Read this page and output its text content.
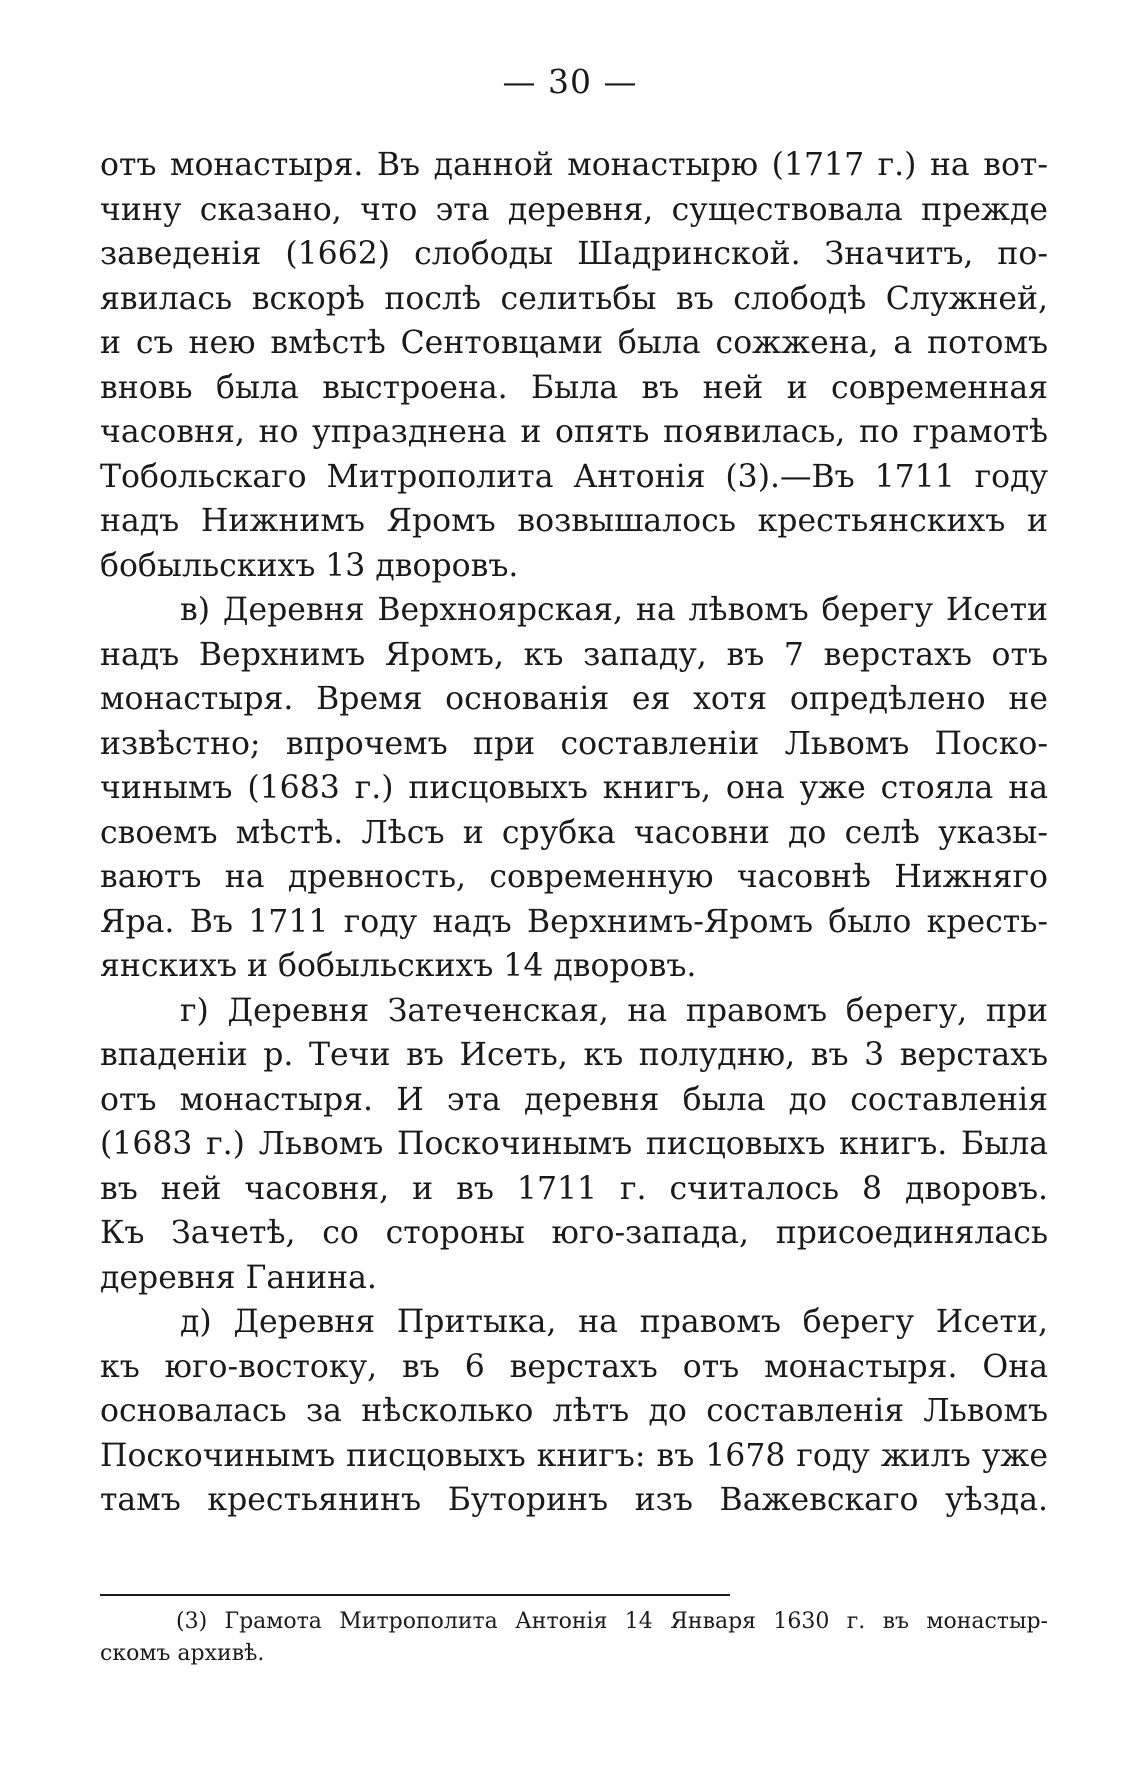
— 30 —
отъ монастыря. Въ данной монастырю (1717 г.) на вот-
чину сказано, что эта деревня, существовала прежде
заведенія (1662) слободы Шадринской. Значитъ, по-
явилась вскорѣ послѣ селитьбы въ слободѣ Служней,
и съ нею вмѣстѣ Сентовцами была сожжена, а потомъ
вновь была выстроена. Была въ ней и современная
часовня, но упразднена и опять появилась, по грамотѣ
Тобольскаго Митрополита Антонія (3).—Въ 1711 году
надъ Нижнимъ Яромъ возвышалось крестьянскихъ и
бобыльскихъ 13 дворовъ.
в) Деревня Верхноярская, на лѣвомъ берегу Исети
надъ Верхнимъ Яромъ, къ западу, въ 7 верстахъ отъ
монастыря. Время основанія ея хотя опредѣлено не
извѣстно; впрочемъ при составленіи Львомъ Поско-
чинымъ (1683 г.) писцовыхъ книгъ, она уже стояла на
своемъ мѣстѣ. Лѣсъ и срубка часовни до селѣ указы-
ваютъ на древность, современную часовнѣ Нижняго
Яра. Въ 1711 году надъ Верхнимъ-Яромъ было кресть-
янскихъ и бобыльскихъ 14 дворовъ.
г) Деревня Затеченская, на правомъ берегу, при
впаденіи р. Течи въ Исеть, къ полудню, въ 3 верстахъ
отъ монастыря. И эта деревня была до составленія
(1683 г.) Львомъ Поскочинымъ писцовыхъ книгъ. Была
въ ней часовня, и въ 1711 г. считалось 8 дворовъ.
Къ Зачетѣ, со стороны юго-запада, присоединялась
деревня Ганина.
д) Деревня Притыка, на правомъ берегу Исети,
къ юго-востоку, въ 6 верстахъ отъ монастыря. Она
основалась за нѣсколько лѣтъ до составленія Львомъ
Поскочинымъ писцовыхъ книгъ: въ 1678 году жилъ уже
тамъ крестьянинъ Буторинъ изъ Важевскаго уѣзда.
(3) Грамота Митрополита Антонія 14 Января 1630 г. въ монастыр-
скомъ архивѣ.
